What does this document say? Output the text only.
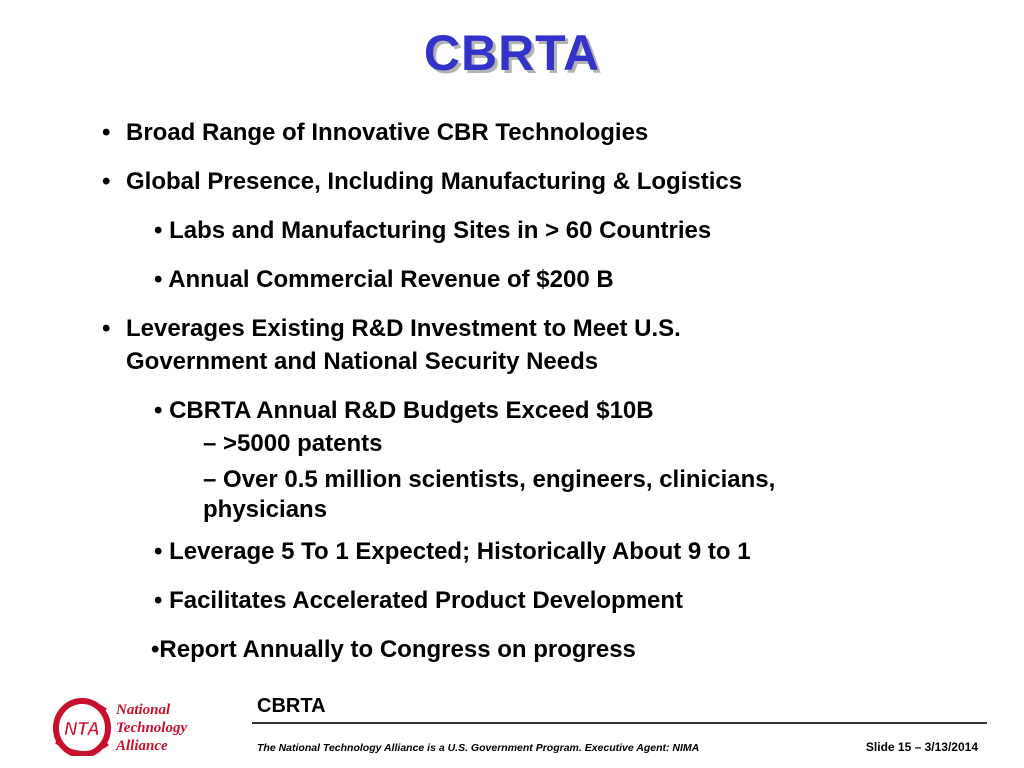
CBRTA
• Broad Range of Innovative CBR Technologies
• Global Presence, Including Manufacturing & Logistics
• Labs and Manufacturing Sites in > 60 Countries
• Annual Commercial Revenue of $200 B
• Leverages Existing R&D Investment to Meet U.S.
Government and National Security Needs
• CBRTA Annual R&D Budgets Exceed $10B
– >5000 patents
– Over 0.5 million scientists, engineers, clinicians,
physicians
• Leverage 5 To 1 Expected; Historically About 9 to 1
• Facilitates Accelerated Product Development
•Report Annually to Congress on progress
NTA
National
Technology
Alliance
CBRTA
The National Technology Alliance is a U.S. Government Program. Executive Agent: NIMA	Slide 15 – 3/13/2014
